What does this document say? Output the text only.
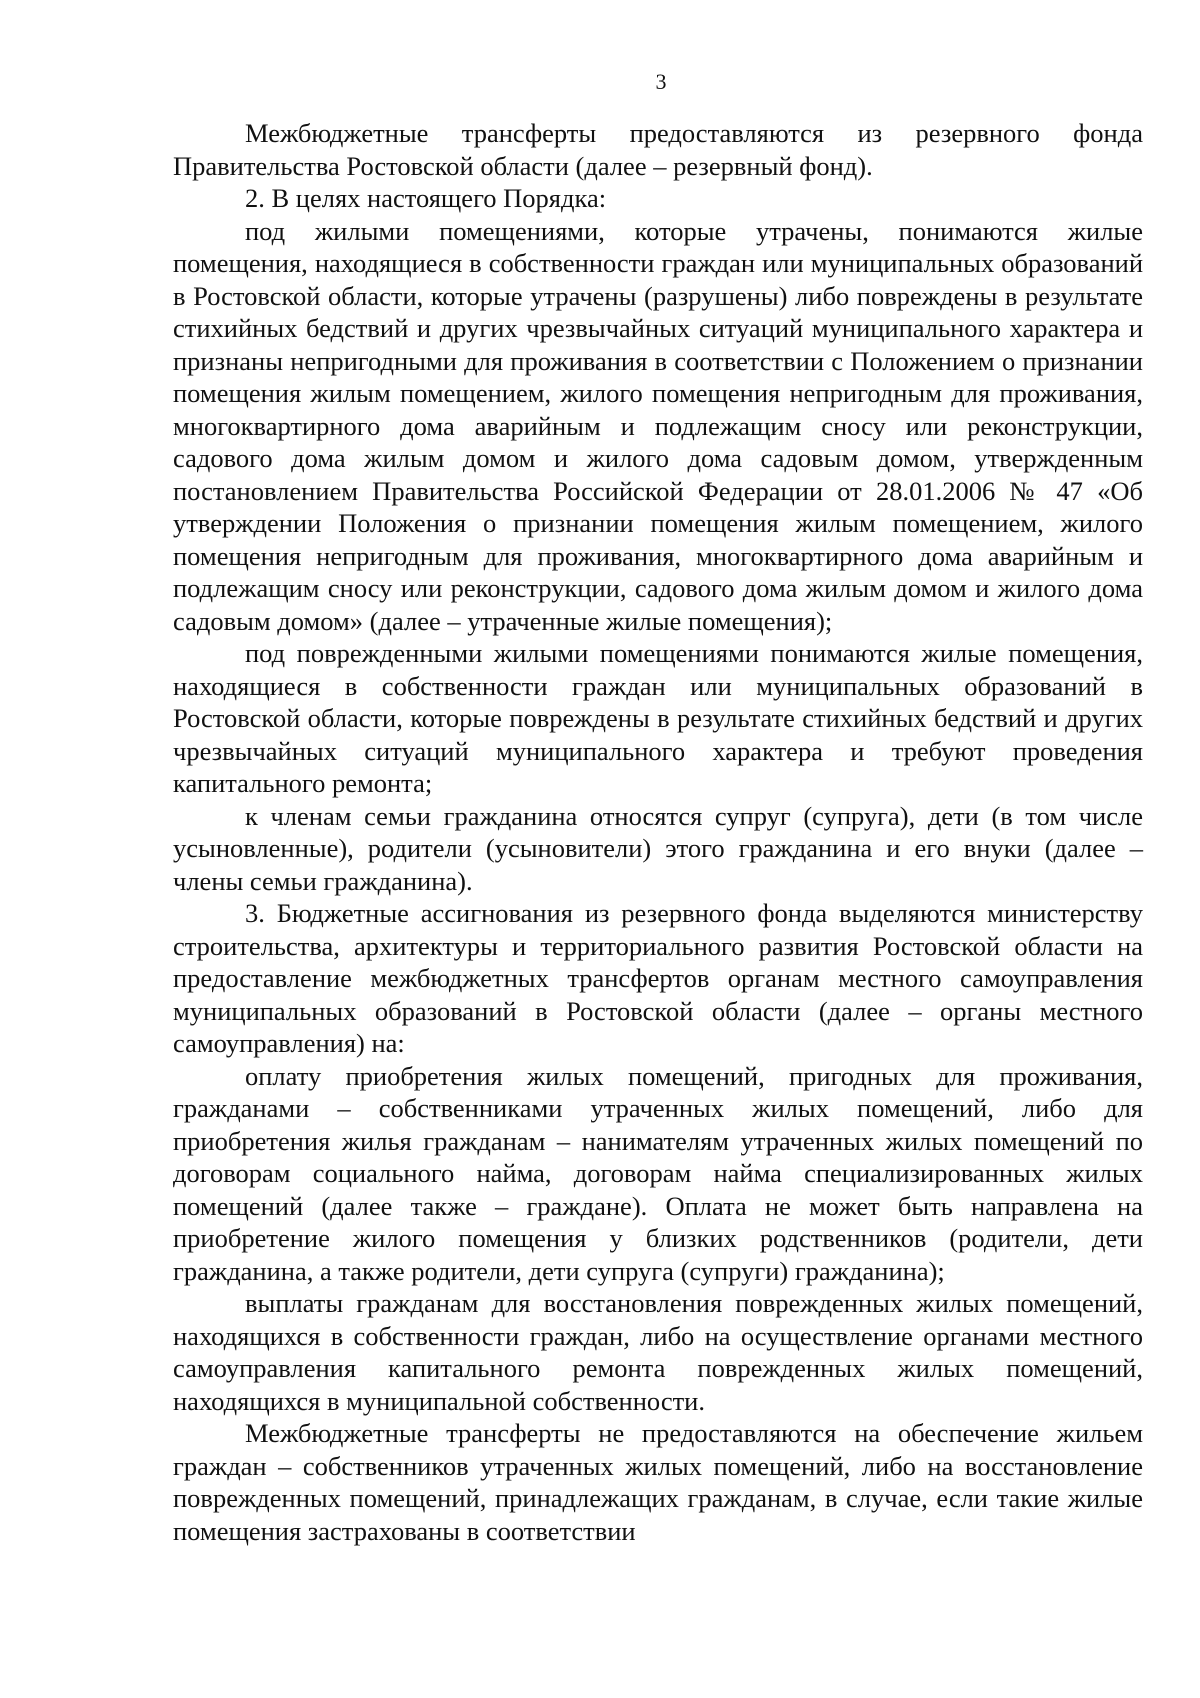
3

Межбюджетные трансферты предоставляются из резервного фонда Правительства Ростовской области (далее – резервный фонд).

2. В целях настоящего Порядка:

под жилыми помещениями, которые утрачены, понимаются жилые помещения, находящиеся в собственности граждан или муниципальных образований в Ростовской области, которые утрачены (разрушены) либо повреждены в результате стихийных бедствий и других чрезвычайных ситуаций муниципального характера и признаны непригодными для проживания в соответствии с Положением о признании помещения жилым помещением, жилого помещения непригодным для проживания, многоквартирного дома аварийным и подлежащим сносу или реконструкции, садового дома жилым домом и жилого дома садовым домом, утвержденным постановлением Правительства Российской Федерации от 28.01.2006 № 47 «Об утверждении Положения о признании помещения жилым помещением, жилого помещения непригодным для проживания, многоквартирного дома аварийным и подлежащим сносу или реконструкции, садового дома жилым домом и жилого дома садовым домом» (далее – утраченные жилые помещения);

под поврежденными жилыми помещениями понимаются жилые помещения, находящиеся в собственности граждан или муниципальных образований в Ростовской области, которые повреждены в результате стихийных бедствий и других чрезвычайных ситуаций муниципального характера и требуют проведения капитального ремонта;

к членам семьи гражданина относятся супруг (супруга), дети (в том числе усыновленные), родители (усыновители) этого гражданина и его внуки (далее – члены семьи гражданина).

3. Бюджетные ассигнования из резервного фонда выделяются министерству строительства, архитектуры и территориального развития Ростовской области на предоставление межбюджетных трансфертов органам местного самоуправления муниципальных образований в Ростовской области (далее – органы местного самоуправления) на:

оплату приобретения жилых помещений, пригодных для проживания, гражданами – собственниками утраченных жилых помещений, либо для приобретения жилья гражданам – нанимателям утраченных жилых помещений по договорам социального найма, договорам найма специализированных жилых помещений (далее также – граждане). Оплата не может быть направлена на приобретение жилого помещения у близких родственников (родители, дети гражданина, а также родители, дети супруга (супруги) гражданина);

выплаты гражданам для восстановления поврежденных жилых помещений, находящихся в собственности граждан, либо на осуществление органами местного самоуправления капитального ремонта поврежденных жилых помещений, находящихся в муниципальной собственности.

Межбюджетные трансферты не предоставляются на обеспечение жильем граждан – собственников утраченных жилых помещений, либо на восстановление поврежденных помещений, принадлежащих гражданам, в случае, если такие жилые помещения застрахованы в соответствии
